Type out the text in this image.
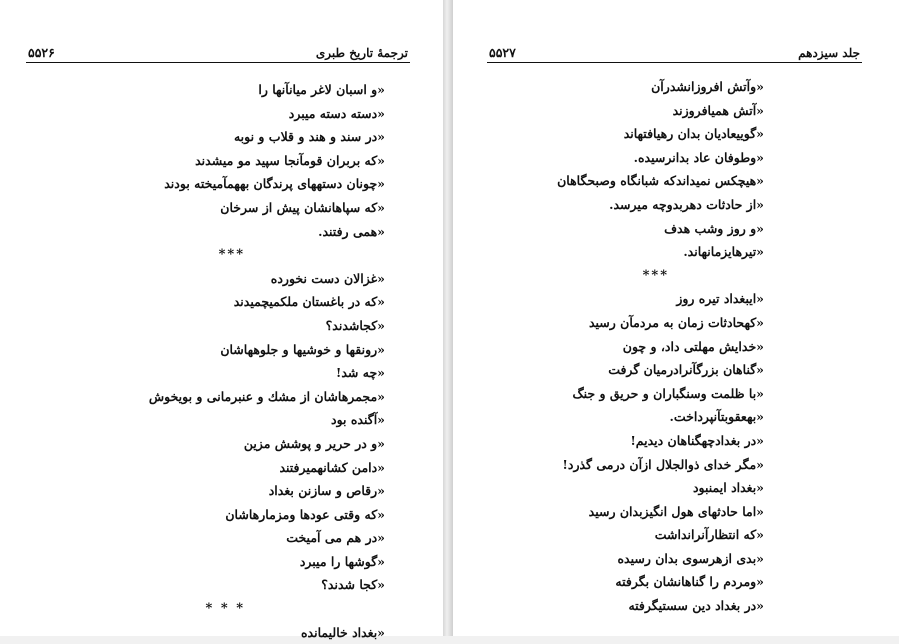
ترجمهٔ تاریخ طبری
۵۵۲۶
«و اسبان لاغر میانآنها را
«دسته دسته میبرد
«در سند و هند و قلاب و نوبه
«که بربران قومآنجا سپید مو میشدند
«چونان دستههای پرندگان بههمآمیخته بودند
«که سپاهانشان پیش از سرخان
«همی رفتند.
***
«غزالان دست نخورده
«که در باغستان ملکمیچمیدند
«کجاشدند؟
«رونقها و خوشیها و جلوههاشان
«چه شد!
«مجمرهاشان از مشك و عنبرمانی و بویخوش
«آگنده بود
«و در حریر و پوشش مزین
«دامن کشانهمیرفتند
«رقاص و سازنن بغداد
«که وقتی عودها ومزمارهاشان
«در هم می آمیخت
«گوشها را میبرد
«کجا شدند؟
* * *
«بغداد خالیمانده
جلد سیزدهم
۵۵۲۷
«وآتش افروزانشدرآن
«آتش همیافروزند
«گوییعادیان بدان رهیافتهاند
«وطوفان عاد بدانرسیده.
«هیچکس نمیداندکه شبانگاه وصبحگاهان
«از حادثات دهربدوچه میرسد.
«و روز وشب هدف
«تیرهایزمانهاند.
***
«ایبغداد تیره روز
«کهحادثات زمان به مردمآن رسید
«خدایش مهلتی داد، و چون
«گناهان بزرگآنرادرمیان گرفت
«با ظلمت وسنگباران و حریق و جنگ
«بهعقوبتآنپرداخت.
«در بغدادچهگناهان دیدیم!
«مگر خدای ذوالجلال ازآن درمی گذرد!
«بغداد ایمنبود
«اما حادثهای هول انگیزبدان رسید
«که انتظارآنرانداشت
«بدی ازهرسوی بدان رسیده
«ومردم را گناهانشان بگرفته
«در بغداد دین سستیگرفته
